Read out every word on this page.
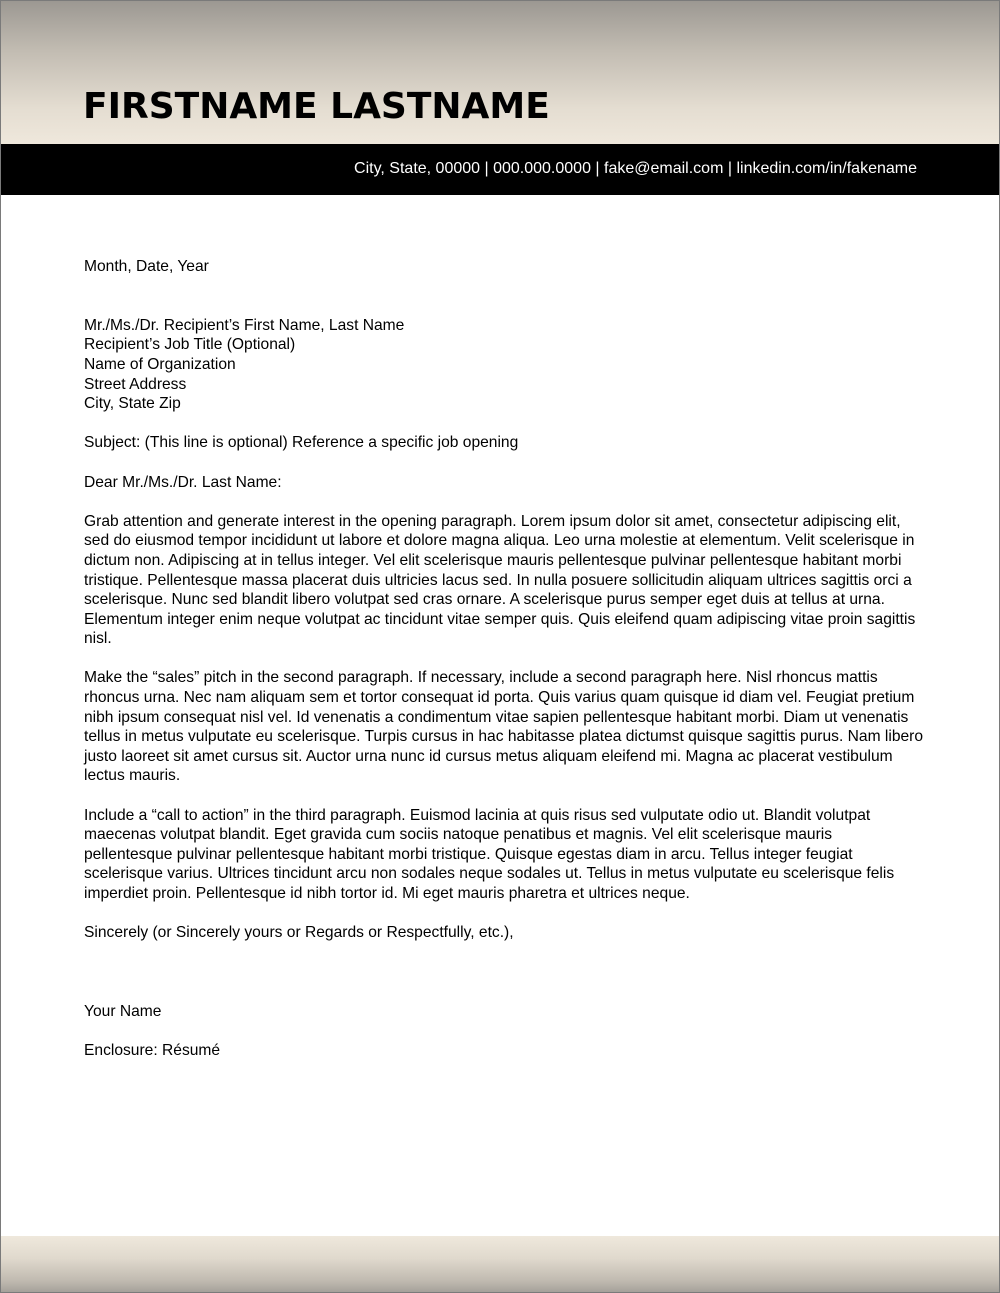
FIRSTNAME LASTNAME
City, State, 00000 | 000.000.0000 | fake@email.com | linkedin.com/in/fakename

Month, Date, Year

Mr./Ms./Dr. Recipient’s First Name, Last Name

Recipient’s Job Title (Optional)

Name of Organization

Street Address

City, State Zip

Subject: (This line is optional) Reference a specific job opening

Dear Mr./Ms./Dr. Last Name:

Grab attention and generate interest in the opening paragraph. Lorem ipsum dolor sit amet, consectetur adipiscing elit, sed do eiusmod tempor incididunt ut labore et dolore magna aliqua. Leo urna molestie at elementum. Velit scelerisque in dictum non. Adipiscing at in tellus integer. Vel elit scelerisque mauris pellentesque pulvinar pellentesque habitant morbi tristique. Pellentesque massa placerat duis ultricies lacus sed. In nulla posuere sollicitudin aliquam ultrices sagittis orci a scelerisque. Nunc sed blandit libero volutpat sed cras ornare. A scelerisque purus semper eget duis at tellus at urna. Elementum integer enim neque volutpat ac tincidunt vitae semper quis. Quis eleifend quam adipiscing vitae proin sagittis nisl.

Make the “sales” pitch in the second paragraph. If necessary, include a second paragraph here. Nisl rhoncus mattis rhoncus urna. Nec nam aliquam sem et tortor consequat id porta. Quis varius quam quisque id diam vel. Feugiat pretium nibh ipsum consequat nisl vel. Id venenatis a condimentum vitae sapien pellentesque habitant morbi. Diam ut venenatis tellus in metus vulputate eu scelerisque. Turpis cursus in hac habitasse platea dictumst quisque sagittis purus. Nam libero justo laoreet sit amet cursus sit. Auctor urna nunc id cursus metus aliquam eleifend mi. Magna ac placerat vestibulum lectus mauris.

Include a “call to action” in the third paragraph. Euismod lacinia at quis risus sed vulputate odio ut. Blandit volutpat maecenas volutpat blandit. Eget gravida cum sociis natoque penatibus et magnis. Vel elit scelerisque mauris pellentesque pulvinar pellentesque habitant morbi tristique. Quisque egestas diam in arcu. Tellus integer feugiat scelerisque varius. Ultrices tincidunt arcu non sodales neque sodales ut. Tellus in metus vulputate eu scelerisque felis imperdiet proin. Pellentesque id nibh tortor id. Mi eget mauris pharetra et ultrices neque.

Sincerely (or Sincerely yours or Regards or Respectfully, etc.),

Your Name

Enclosure: Résumé
